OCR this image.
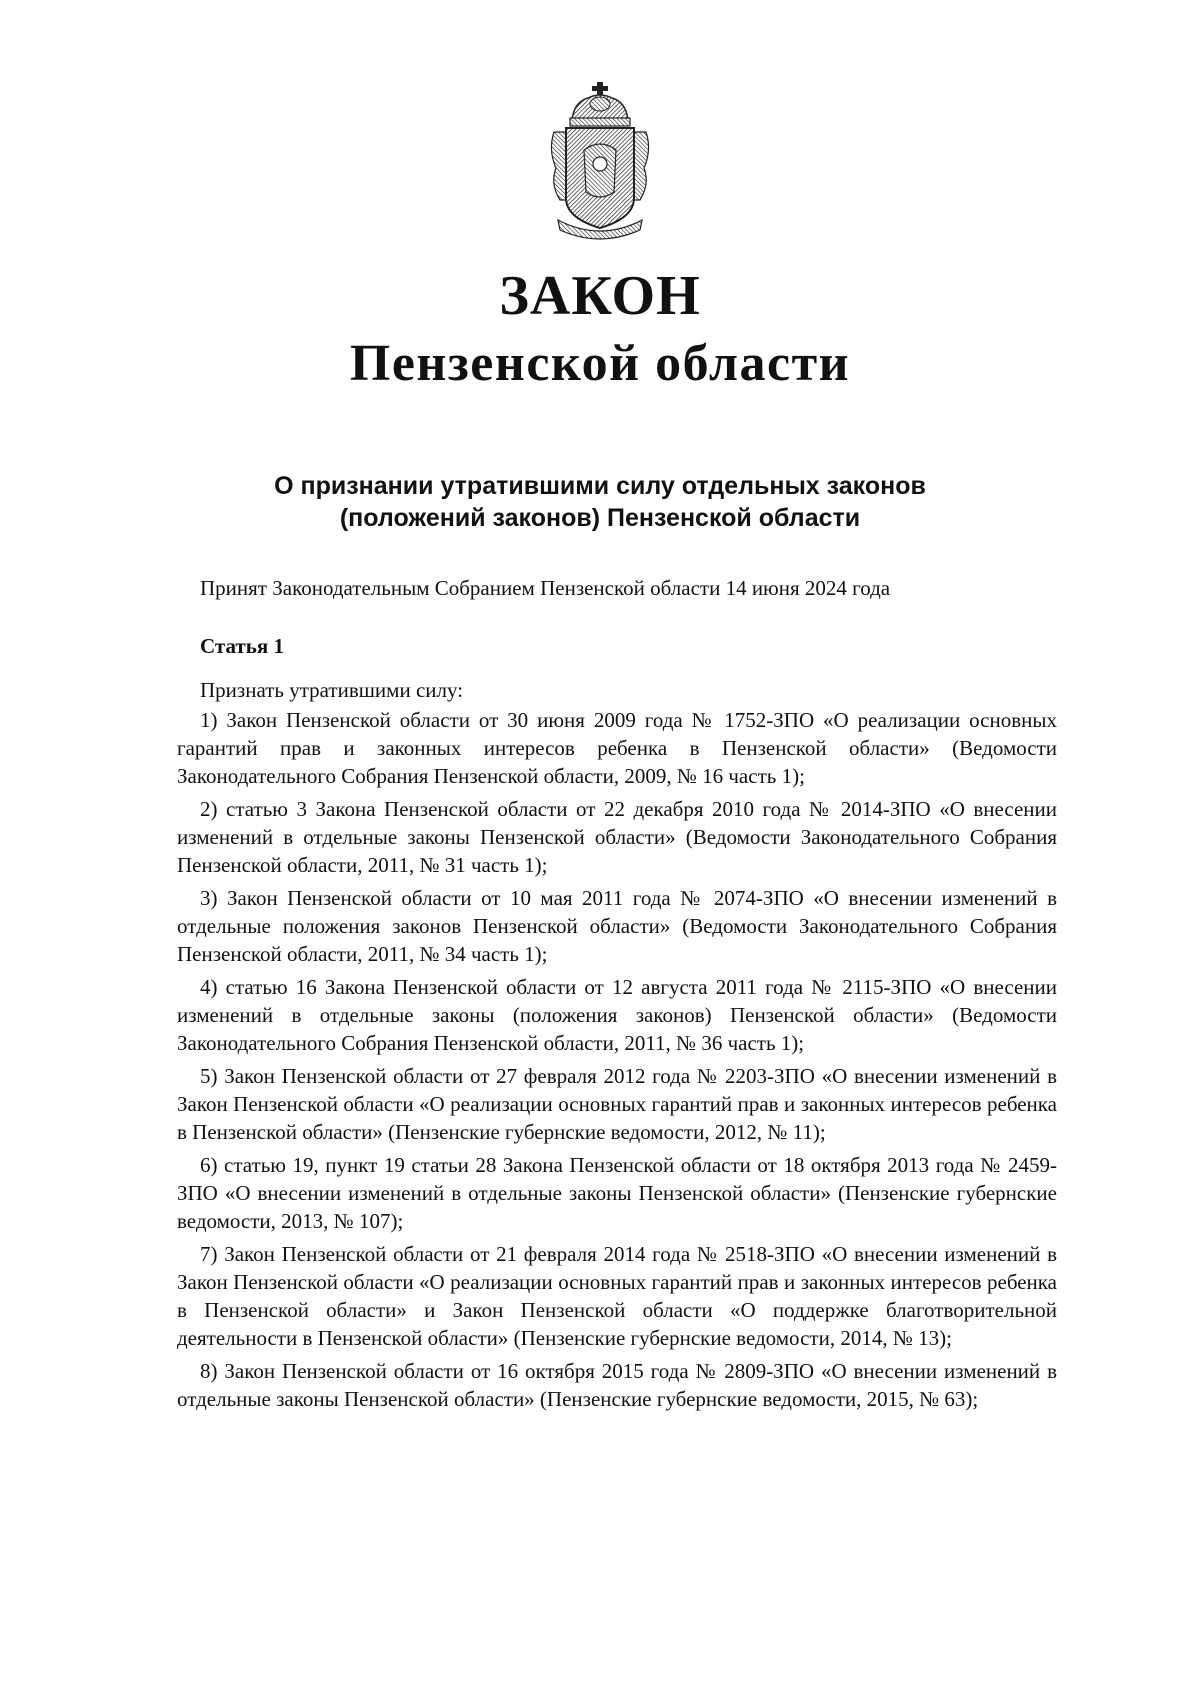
ЗАКОН
Пензенской области
О признании утратившими силу отдельных законов
(положений законов) Пензенской области
Принят Законодательным Собранием Пензенской области 14 июня 2024 года
Статья 1

Признать утратившими силу:

1) Закон Пензенской области от 30 июня 2009 года № 1752-ЗПО «О реализации основных гарантий прав и законных интересов ребенка в Пензенской области» (Ведомости Законодательного Собрания Пензенской области, 2009, № 16 часть 1);

2) статью 3 Закона Пензенской области от 22 декабря 2010 года № 2014-ЗПО «О внесении изменений в отдельные законы Пензенской области» (Ведомости Законодательного Собрания Пензенской области, 2011, № 31 часть 1);

3) Закон Пензенской области от 10 мая 2011 года № 2074-ЗПО «О внесении изменений в отдельные положения законов Пензенской области» (Ведомости Законодательного Собрания Пензенской области, 2011, № 34 часть 1);

4) статью 16 Закона Пензенской области от 12 августа 2011 года № 2115-ЗПО «О внесении изменений в отдельные законы (положения законов) Пензенской области» (Ведомости Законодательного Собрания Пензенской области, 2011, № 36 часть 1);

5) Закон Пензенской области от 27 февраля 2012 года № 2203-ЗПО «О внесении изменений в Закон Пензенской области «О реализации основных гарантий прав и законных интересов ребенка в Пензенской области» (Пензенские губернские ведомости, 2012, № 11);

6) статью 19, пункт 19 статьи 28 Закона Пензенской области от 18 октября 2013 года № 2459-ЗПО «О внесении изменений в отдельные законы Пензенской области» (Пензенские губернские ведомости, 2013, № 107);

7) Закон Пензенской области от 21 февраля 2014 года № 2518-ЗПО «О внесении изменений в Закон Пензенской области «О реализации основных гарантий прав и законных интересов ребенка в Пензенской области» и Закон Пензенской области «О поддержке благотворительной деятельности в Пензенской области» (Пензенские губернские ведомости, 2014, № 13);

8) Закон Пензенской области от 16 октября 2015 года № 2809-ЗПО «О внесении изменений в отдельные законы Пензенской области» (Пензенские губернские ведомости, 2015, № 63);
